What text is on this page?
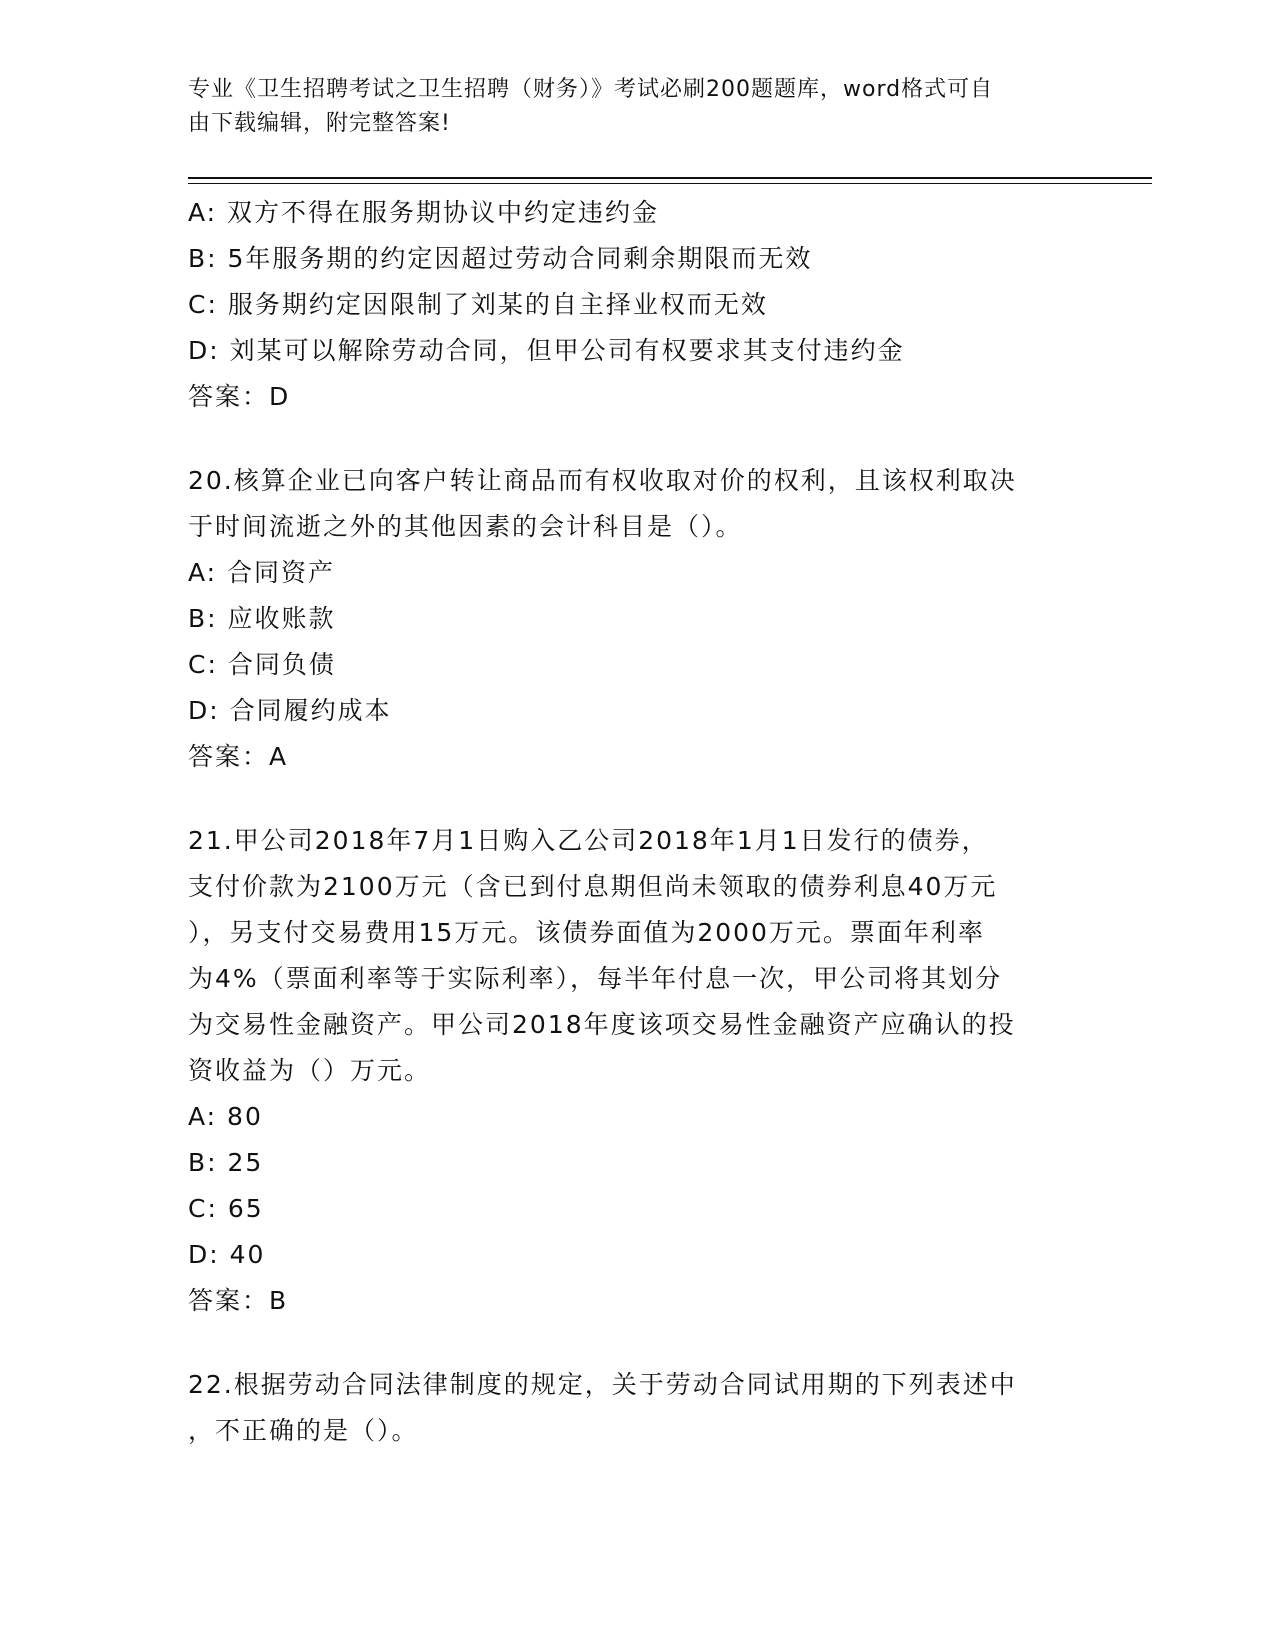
专业《卫生招聘考试之卫生招聘（财务）》考试必刷200题题库，word格式可自
由下载编辑，附完整答案!
A: 双方不得在服务期协议中约定违约金
B: 5年服务期的约定因超过劳动合同剩余期限而无效
C: 服务期约定因限制了刘某的自主择业权而无效
D: 刘某可以解除劳动合同，但甲公司有权要求其支付违约金
答案：D
20.核算企业已向客户转让商品而有权收取对价的权利，且该权利取决
于时间流逝之外的其他因素的会计科目是（）。
A: 合同资产
B: 应收账款
C: 合同负债
D: 合同履约成本
答案：A
21.甲公司2018年7月1日购入乙公司2018年1月1日发行的债券，
支付价款为2100万元（含已到付息期但尚未领取的债券利息40万元
），另支付交易费用15万元。该债券面值为2000万元。票面年利率
为4%（票面利率等于实际利率），每半年付息一次，甲公司将其划分
为交易性金融资产。甲公司2018年度该项交易性金融资产应确认的投
资收益为（）万元。
A: 80
B: 25
C: 65
D: 40
答案：B
22.根据劳动合同法律制度的规定，关于劳动合同试用期的下列表述中
，不正确的是（）。
